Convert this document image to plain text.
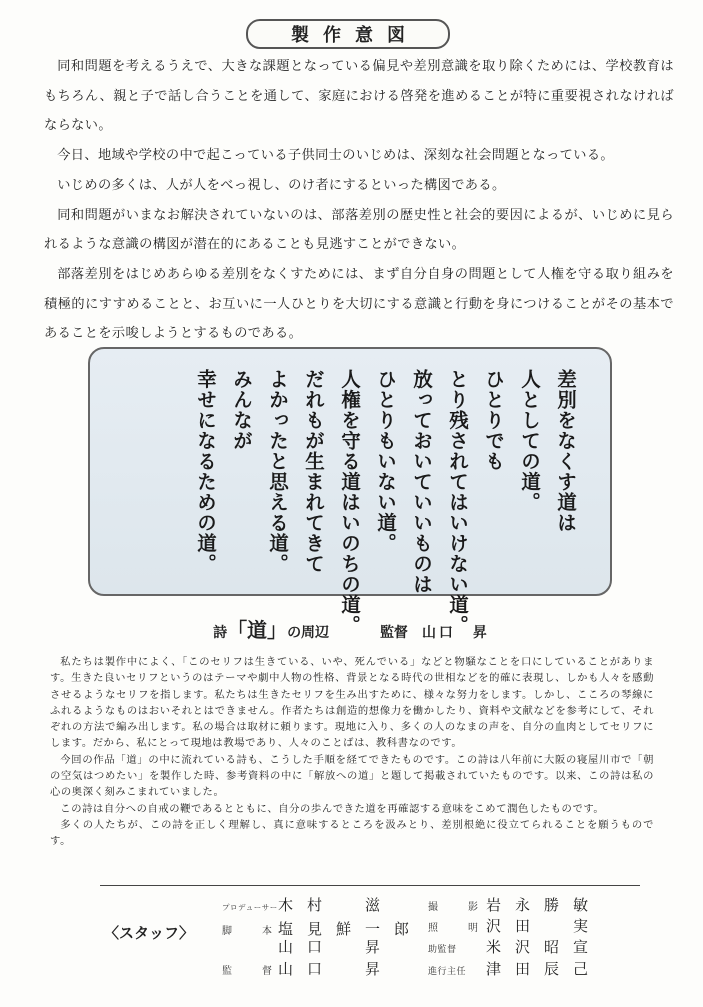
製作意図

同和問題を考えるうえで、大きな課題となっている偏見や差別意識を取り除くためには、学校教育はもちろん、親と子で話し合うことを通して、家庭における啓発を進めることが特に重要視されなければならない。

今日、地域や学校の中で起こっている子供同士のいじめは、深刻な社会問題となっている。

いじめの多くは、人が人をべっ視し、のけ者にするといった構図である。

同和問題がいまなお解決されていないのは、部落差別の歴史性と社会的要因によるが、いじめに見られるような意識の構図が潜在的にあることも見逃すことができない。

部落差別をはじめあらゆる差別をなくすためには、まず自分自身の問題として人権を守る取り組みを積極的にすすめることと、お互いに一人ひとりを大切にする意識と行動を身につけることがその基本であることを示唆しようとするものである。

差別をなくす道は
人としての道。
ひとりでも
とり残されてはいけない道。
放っておいていいものは
ひとりもいない道。
人権を守る道はいのちの道。
だれもが生まれてきて
よかったと思える道。
みんなが
幸せになるための道。
詩「道」の周辺	監督 山口　昇

私たちは製作中によく、「このセリフは生きている、いや、死んでいる」などと物騒なことを口にしていることがあります。生きた良いセリフというのはテーマや劇中人物の性格、背景となる時代の世相などを的確に表現し、しかも人々を感動させるようなセリフを指します。私たちは生きたセリフを生み出すために、様々な努力をします。しかし、こころの琴線にふれるようなものはおいそれとはできません。作者たちは創造的想像力を働かしたり、資料や文献などを参考にして、それぞれの方法で編み出します。私の場合は取材に頼ります。現地に入り、多くの人のなまの声を、自分の血肉としてセリフにします。だから、私にとって現地は教場であり、人々のことばは、教科書なのです。

今回の作品「道」の中に流れている詩も、こうした手順を経てできたものです。この詩は八年前に大阪の寝屋川市で「朝の空気はつめたい」を製作した時、参考資料の中に「解放への道」と題して掲載されていたものです。以来、この詩は私の心の奥深く刻みこまれていました。

この詩は自分への自戒の鞭であるとともに、自分の歩んできた道を再確認する意味をこめて潤色したものです。

多くの人たちが、この詩を正しく理解し、真に意味するところを汲みとり、差別根絶に役立てられることを願うものです。

〈スタッフ〉
プロデューサー木村　滋
脚　本塩見鮮一郎
山口　昇
監　督山口　昇
撮　影岩永勝敏
照　明沢田　実
助監督 米沢昭宣
進行主任 津田辰己
